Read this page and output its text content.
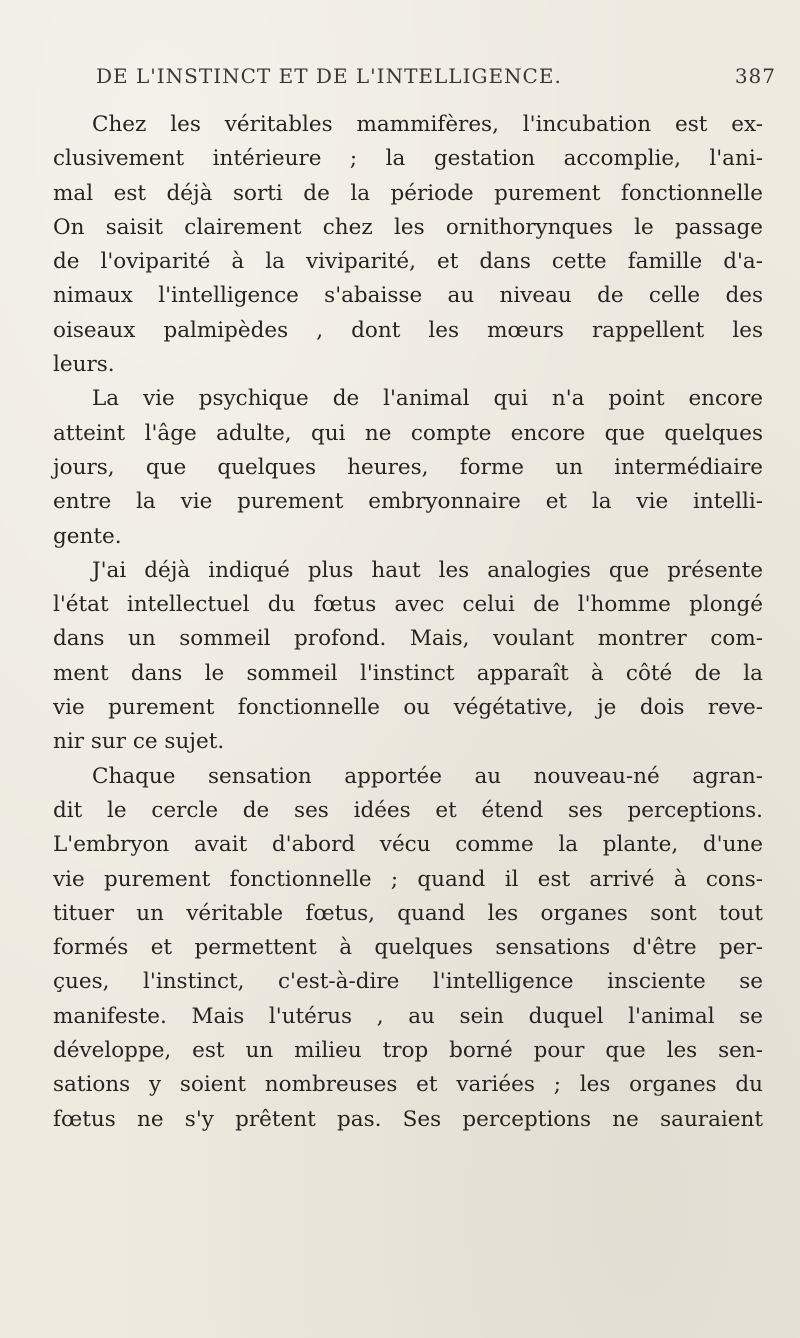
DE L'INSTINCT ET DE L'INTELLIGENCE.	387
Chez les véritables mammifères, l'incubation est ex-
clusivement intérieure ; la gestation accomplie, l'ani-
mal est déjà sorti de la période purement fonctionnelle
On saisit clairement chez les ornithorynques le passage
de l'oviparité à la viviparité, et dans cette famille d'a-
nimaux l'intelligence s'abaisse au niveau de celle des
oiseaux palmipèdes , dont les mœurs rappellent les
leurs.
La vie psychique de l'animal qui n'a point encore
atteint l'âge adulte, qui ne compte encore que quelques
jours, que quelques heures, forme un intermédiaire
entre la vie purement embryonnaire et la vie intelli-
gente.
J'ai déjà indiqué plus haut les analogies que présente
l'état intellectuel du fœtus avec celui de l'homme plongé
dans un sommeil profond. Mais, voulant montrer com-
ment dans le sommeil l'instinct apparaît à côté de la
vie purement fonctionnelle ou végétative, je dois reve-
nir sur ce sujet.
Chaque sensation apportée au nouveau-né agran-
dit le cercle de ses idées et étend ses perceptions.
L'embryon avait d'abord vécu comme la plante, d'une
vie purement fonctionnelle ; quand il est arrivé à cons-
tituer un véritable fœtus, quand les organes sont tout
formés et permettent à quelques sensations d'être per-
çues, l'instinct, c'est-à-dire l'intelligence insciente se
manifeste. Mais l'utérus , au sein duquel l'animal se
développe, est un milieu trop borné pour que les sen-
sations y soient nombreuses et variées ; les organes du
fœtus ne s'y prêtent pas. Ses perceptions ne sauraient
